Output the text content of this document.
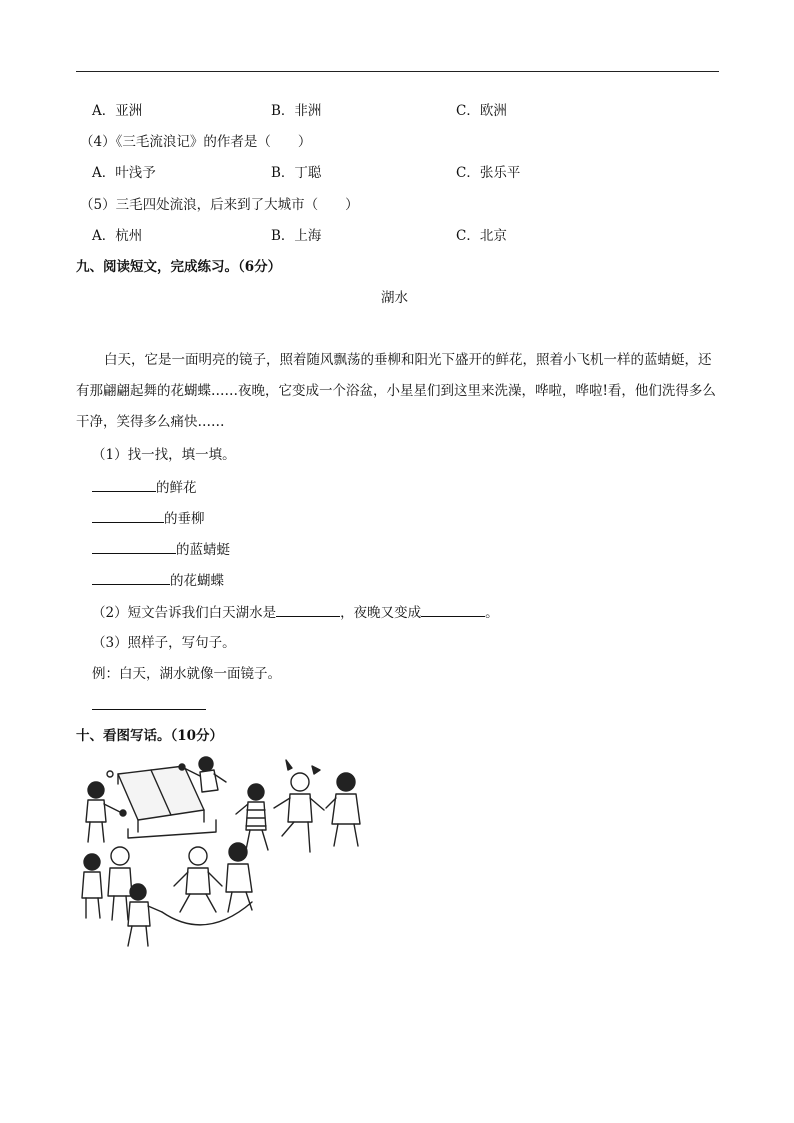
A．亚洲	B．非洲	C．欧洲
（4）《三毛流浪记》的作者是（　　）
A．叶浅予	B．丁聪	C．张乐平
（5）三毛四处流浪，后来到了大城市（　　）
A．杭州	B．上海	C．北京
九、阅读短文，完成练习。（6分）
湖水
白天，它是一面明亮的镜子，照着随风飘荡的垂柳和阳光下盛开的鲜花，照着小飞机一样的蓝蜻蜓，还有那翩翩起舞的花蝴蝶……夜晚，它变成一个浴盆，小星星们到这里来洗澡，哗啦，哗啦!看，他们洗得多么干净，笑得多么痛快……
（1）找一找，填一填。
的鲜花
的垂柳
的蓝蜻蜓
的花蝴蝶
（2）短文告诉我们白天湖水是	，夜晚又变成	。
（3）照样子，写句子。
例：白天，湖水就像一面镜子。
十、看图写话。（10分）
